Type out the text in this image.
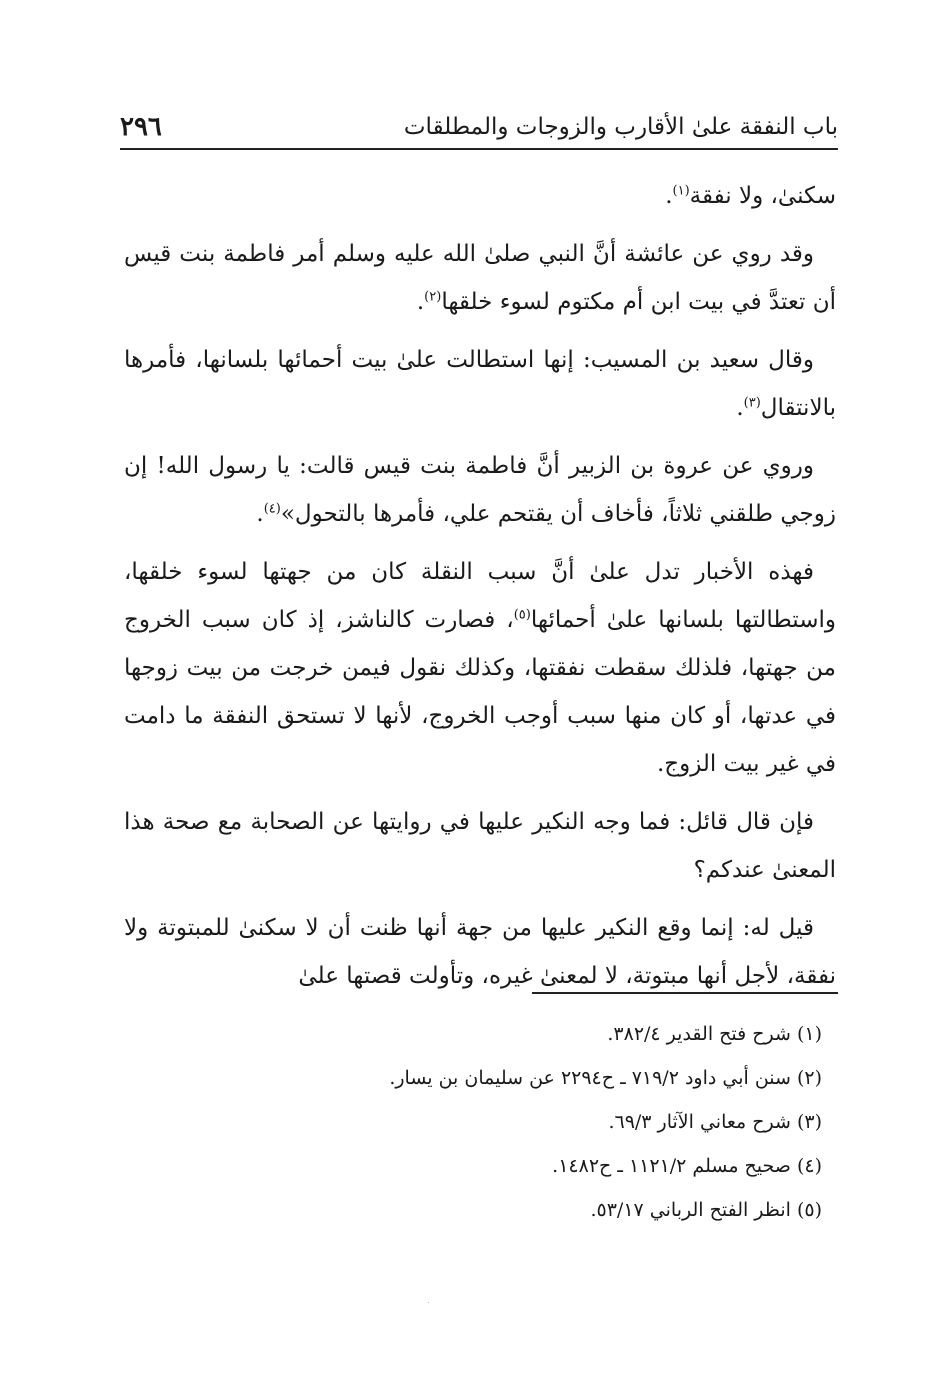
باب النفقة علىٰ الأقارب والزوجات والمطلقات
٢٩٦

سكنىٰ، ولا نفقة$^{(١)}$.

وقد روي عن عائشة أنَّ النبي صلىٰ الله عليه وسلم أمر فاطمة بنت قيس أن تعتدَّ في بيت ابن أم مكتوم لسوء خلقها$^{(٢)}$.

وقال سعيد بن المسيب: إنها استطالت علىٰ بيت أحمائها بلسانها، فأمرها بالانتقال$^{(٣)}$.

وروي عن عروة بن الزبير أنَّ فاطمة بنت قيس قالت: يا رسول الله! إن زوجي طلقني ثلاثاً، فأخاف أن يقتحم علي، فأمرها بالتحول»$^{(٤)}$.

فهذه الأخبار تدل علىٰ أنَّ سبب النقلة كان من جهتها لسوء خلقها، واستطالتها بلسانها علىٰ أحمائها$^{(٥)}$، فصارت كالناشز، إذ كان سبب الخروج من جهتها، فلذلك سقطت نفقتها، وكذلك نقول فيمن خرجت من بيت زوجها في عدتها، أو كان منها سبب أوجب الخروج، لأنها لا تستحق النفقة ما دامت في غير بيت الزوج.

فإن قال قائل: فما وجه النكير عليها في روايتها عن الصحابة مع صحة هذا المعنىٰ عندكم؟

قيل له: إنما وقع النكير عليها من جهة أنها ظنت أن لا سكنىٰ للمبتوتة ولا نفقة، لأجل أنها مبتوتة، لا لمعنىٰ غيره، وتأولت قصتها علىٰ

(١)شرح فتح القدير ٣٨٢/٤.
(٢)سنن أبي داود ٧١٩/٢ ـ ح٢٢٩٤ عن سليمان بن يسار.
(٣)شرح معاني الآثار ٦٩/٣.
(٤)صحيح مسلم ١١٢١/٢ ـ ح١٤٨٢.
(٥)انظر الفتح الرباني ٥٣/١٧.
